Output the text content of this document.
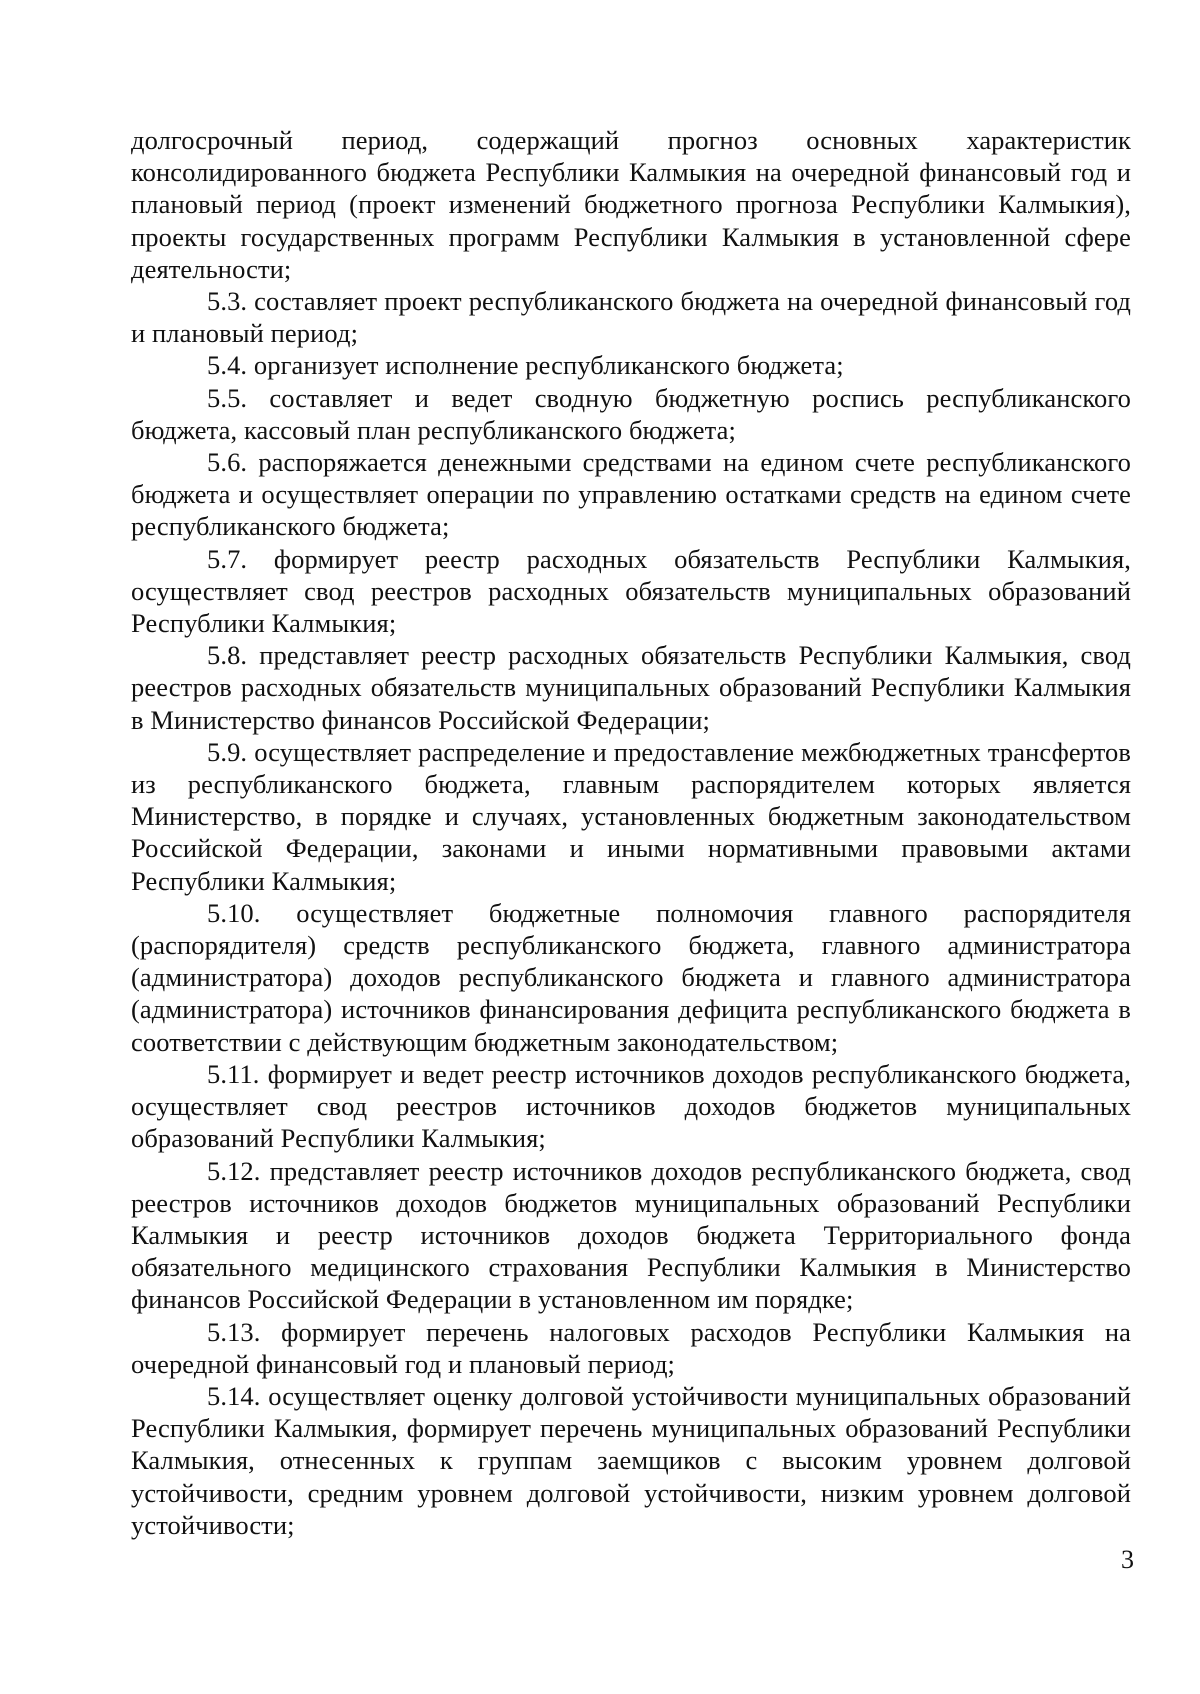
долгосрочный период, содержащий прогноз основных характеристик консолидированного бюджета Республики Калмыкия на очередной финансовый год и плановый период (проект изменений бюджетного прогноза Республики Калмыкия), проекты государственных программ Республики Калмыкия в установленной сфере деятельности;

5.3. составляет проект республиканского бюджета на очередной финансовый год и плановый период;

5.4. организует исполнение республиканского бюджета;

5.5. составляет и ведет сводную бюджетную роспись республиканского бюджета, кассовый план республиканского бюджета;

5.6. распоряжается денежными средствами на едином счете республиканского бюджета и осуществляет операции по управлению остатками средств на едином счете республиканского бюджета;

5.7. формирует реестр расходных обязательств Республики Калмыкия, осуществляет свод реестров расходных обязательств муниципальных образований Республики Калмыкия;

5.8. представляет реестр расходных обязательств Республики Калмыкия, свод реестров расходных обязательств муниципальных образований Республики Калмыкия в Министерство финансов Российской Федерации;

5.9. осуществляет распределение и предоставление межбюджетных трансфертов из республиканского бюджета, главным распорядителем которых является Министерство, в порядке и случаях, установленных бюджетным законодательством Российской Федерации, законами и иными нормативными правовыми актами Республики Калмыкия;

5.10. осуществляет бюджетные полномочия главного распорядителя (распорядителя) средств республиканского бюджета, главного администратора (администратора) доходов республиканского бюджета и главного администратора (администратора) источников финансирования дефицита республиканского бюджета в соответствии с действующим бюджетным законодательством;

5.11. формирует и ведет реестр источников доходов республиканского бюджета, осуществляет свод реестров источников доходов бюджетов муниципальных образований Республики Калмыкия;

5.12. представляет реестр источников доходов республиканского бюджета, свод реестров источников доходов бюджетов муниципальных образований Республики Калмыкия и реестр источников доходов бюджета Территориального фонда обязательного медицинского страхования Республики Калмыкия в Министерство финансов Российской Федерации в установленном им порядке;

5.13. формирует перечень налоговых расходов Республики Калмыкия на очередной финансовый год и плановый период;

5.14. осуществляет оценку долговой устойчивости муниципальных образований Республики Калмыкия, формирует перечень муниципальных образований Республики Калмыкия, отнесенных к группам заемщиков с высоким уровнем долговой устойчивости, средним уровнем долговой устойчивости, низким уровнем долговой устойчивости;

3
